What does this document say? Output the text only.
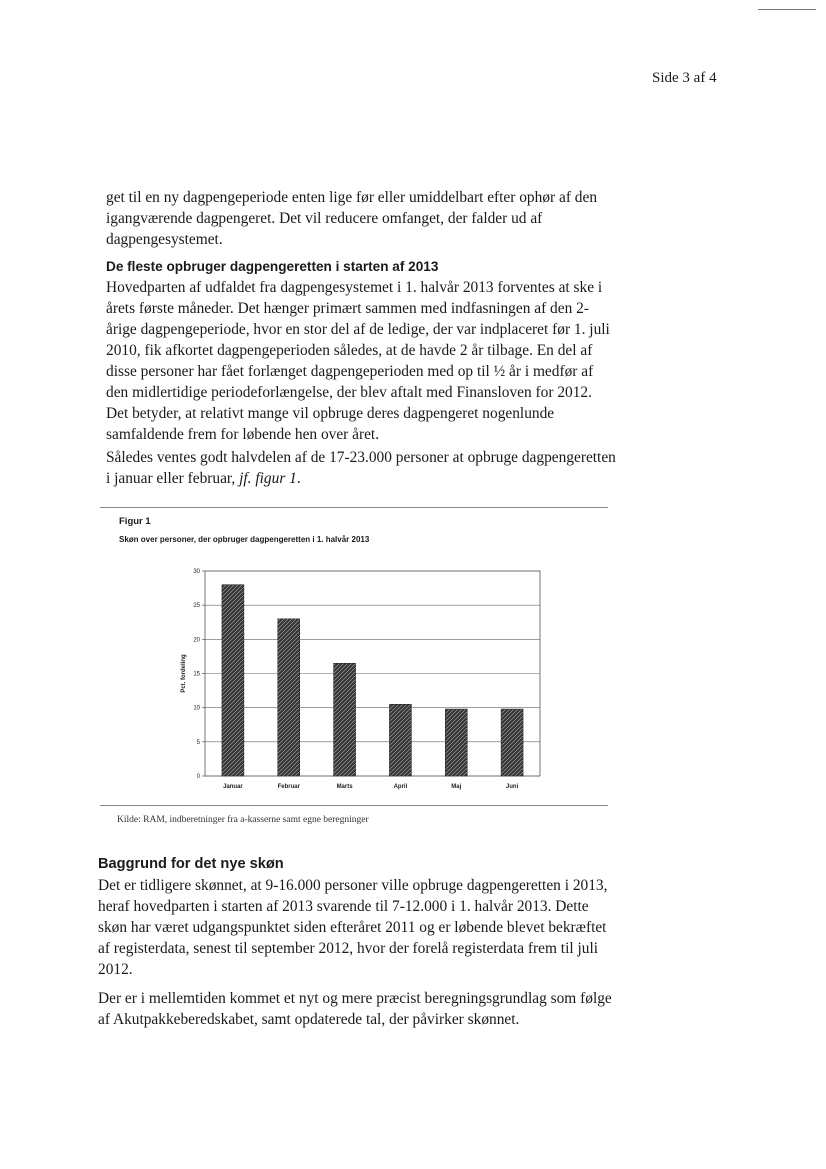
Side 3 af 4
get til en ny dagpengeperiode enten lige før eller umiddelbart efter ophør af den igangværende dagpengeret. Det vil reducere omfanget, der falder ud af dagpengesystemet.
De fleste opbruger dagpengeretten i starten af 2013
Hovedparten af udfaldet fra dagpengesystemet i 1. halvår 2013 forventes at ske i årets første måneder. Det hænger primært sammen med indfasningen af den 2-årige dagpengeperiode, hvor en stor del af de ledige, der var indplaceret før 1. juli 2010, fik afkortet dagpengeperioden således, at de havde 2 år tilbage. En del af disse personer har fået forlænget dagpengeperioden med op til ½ år i medfør af den midlertidige periodeforlængelse, der blev aftalt med Finansloven for 2012. Det betyder, at relativt mange vil opbruge deres dagpengeret nogenlunde samfaldende frem for løbende hen over året.
Således ventes godt halvdelen af de 17-23.000 personer at opbruge dagpengeretten i januar eller februar, jf. figur 1.
Figur 1
Skøn over personer, der opbruger dagpengeretten i 1. halvår 2013
0
5
10
15
20
25
30
Pct. fordeling
Januar	Februar	Marts	April	Maj	Juni
Kilde: RAM, indberetninger fra a-kasserne samt egne beregninger
Baggrund for det nye skøn
Det er tidligere skønnet, at 9-16.000 personer ville opbruge dagpengeretten i 2013, heraf hovedparten i starten af 2013 svarende til 7-12.000 i 1. halvår 2013. Dette skøn har været udgangspunktet siden efteråret 2011 og er løbende blevet bekræftet af registerdata, senest til september 2012, hvor der forelå registerdata frem til juli 2012.
Der er i mellemtiden kommet et nyt og mere præcist beregningsgrundlag som følge af Akutpakkeberedskabet, samt opdaterede tal, der påvirker skønnet.
